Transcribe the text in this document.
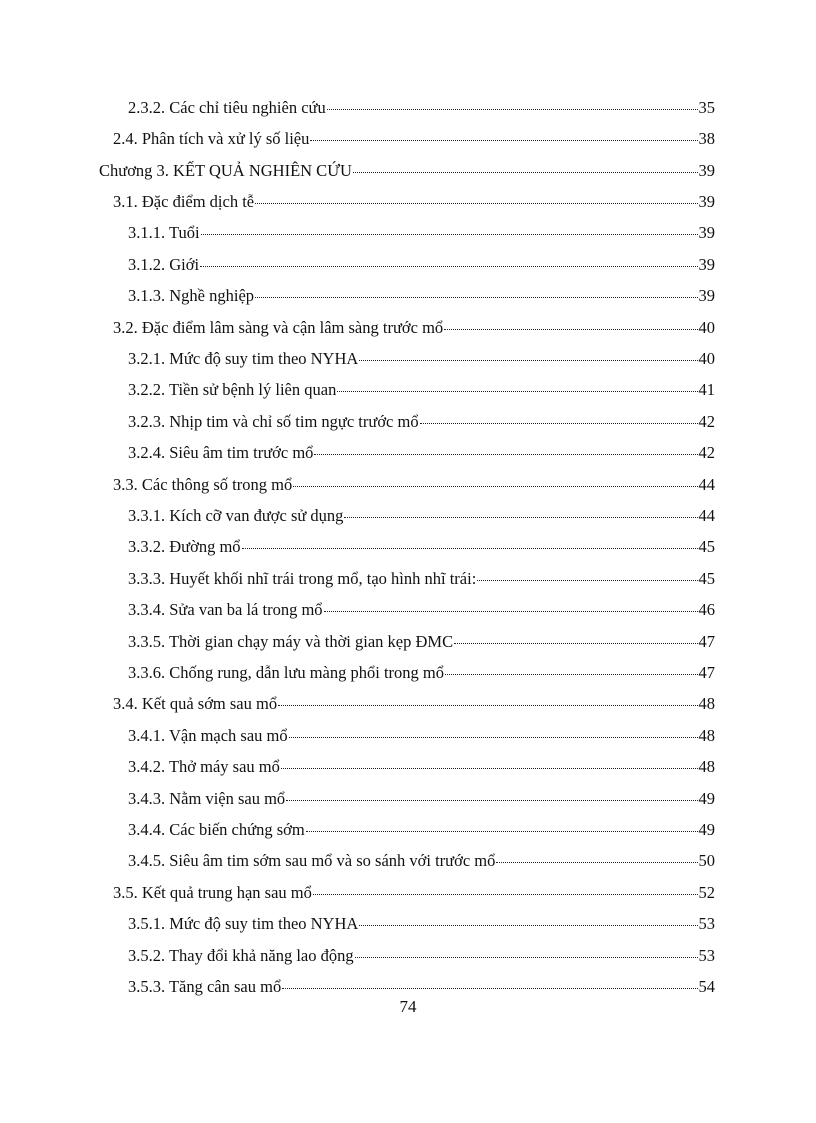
2.3.2. Các chỉ tiêu nghiên cứu	35
2.4. Phân tích và xử lý số liệu	38
Chương 3. KẾT QUẢ NGHIÊN CỨU	39
3.1. Đặc điểm dịch tễ	39
3.1.1. Tuổi	39
3.1.2. Giới	39
3.1.3. Nghề nghiệp	39
3.2. Đặc điểm lâm sàng và cận lâm sàng trước mổ	40
3.2.1. Mức độ suy tim theo NYHA	40
3.2.2. Tiền sử bệnh lý liên quan	41
3.2.3. Nhịp tim và chỉ số tim ngực trước mổ	42
3.2.4. Siêu âm tim trước mổ	42
3.3. Các thông số trong mổ	44
3.3.1. Kích cỡ van được sử dụng	44
3.3.2. Đường mổ	45
3.3.3. Huyết khối nhĩ trái trong mổ, tạo hình nhĩ trái:	45
3.3.4. Sửa van ba lá trong mổ	46
3.3.5. Thời gian chạy máy và thời gian kẹp ĐMC	47
3.3.6. Chống rung, dẫn lưu màng phổi trong mổ	47
3.4. Kết quả sớm sau mổ	48
3.4.1. Vận mạch sau mổ	48
3.4.2. Thở máy sau mổ	48
3.4.3. Nằm viện sau mổ	49
3.4.4. Các biến chứng sớm	49
3.4.5. Siêu âm tim sớm sau mổ và so sánh với trước mổ	50
3.5. Kết quả trung hạn sau mổ	52
3.5.1. Mức độ suy tim theo NYHA	53
3.5.2. Thay đổi khả năng lao động	53
3.5.3. Tăng cân sau mổ	54
74
